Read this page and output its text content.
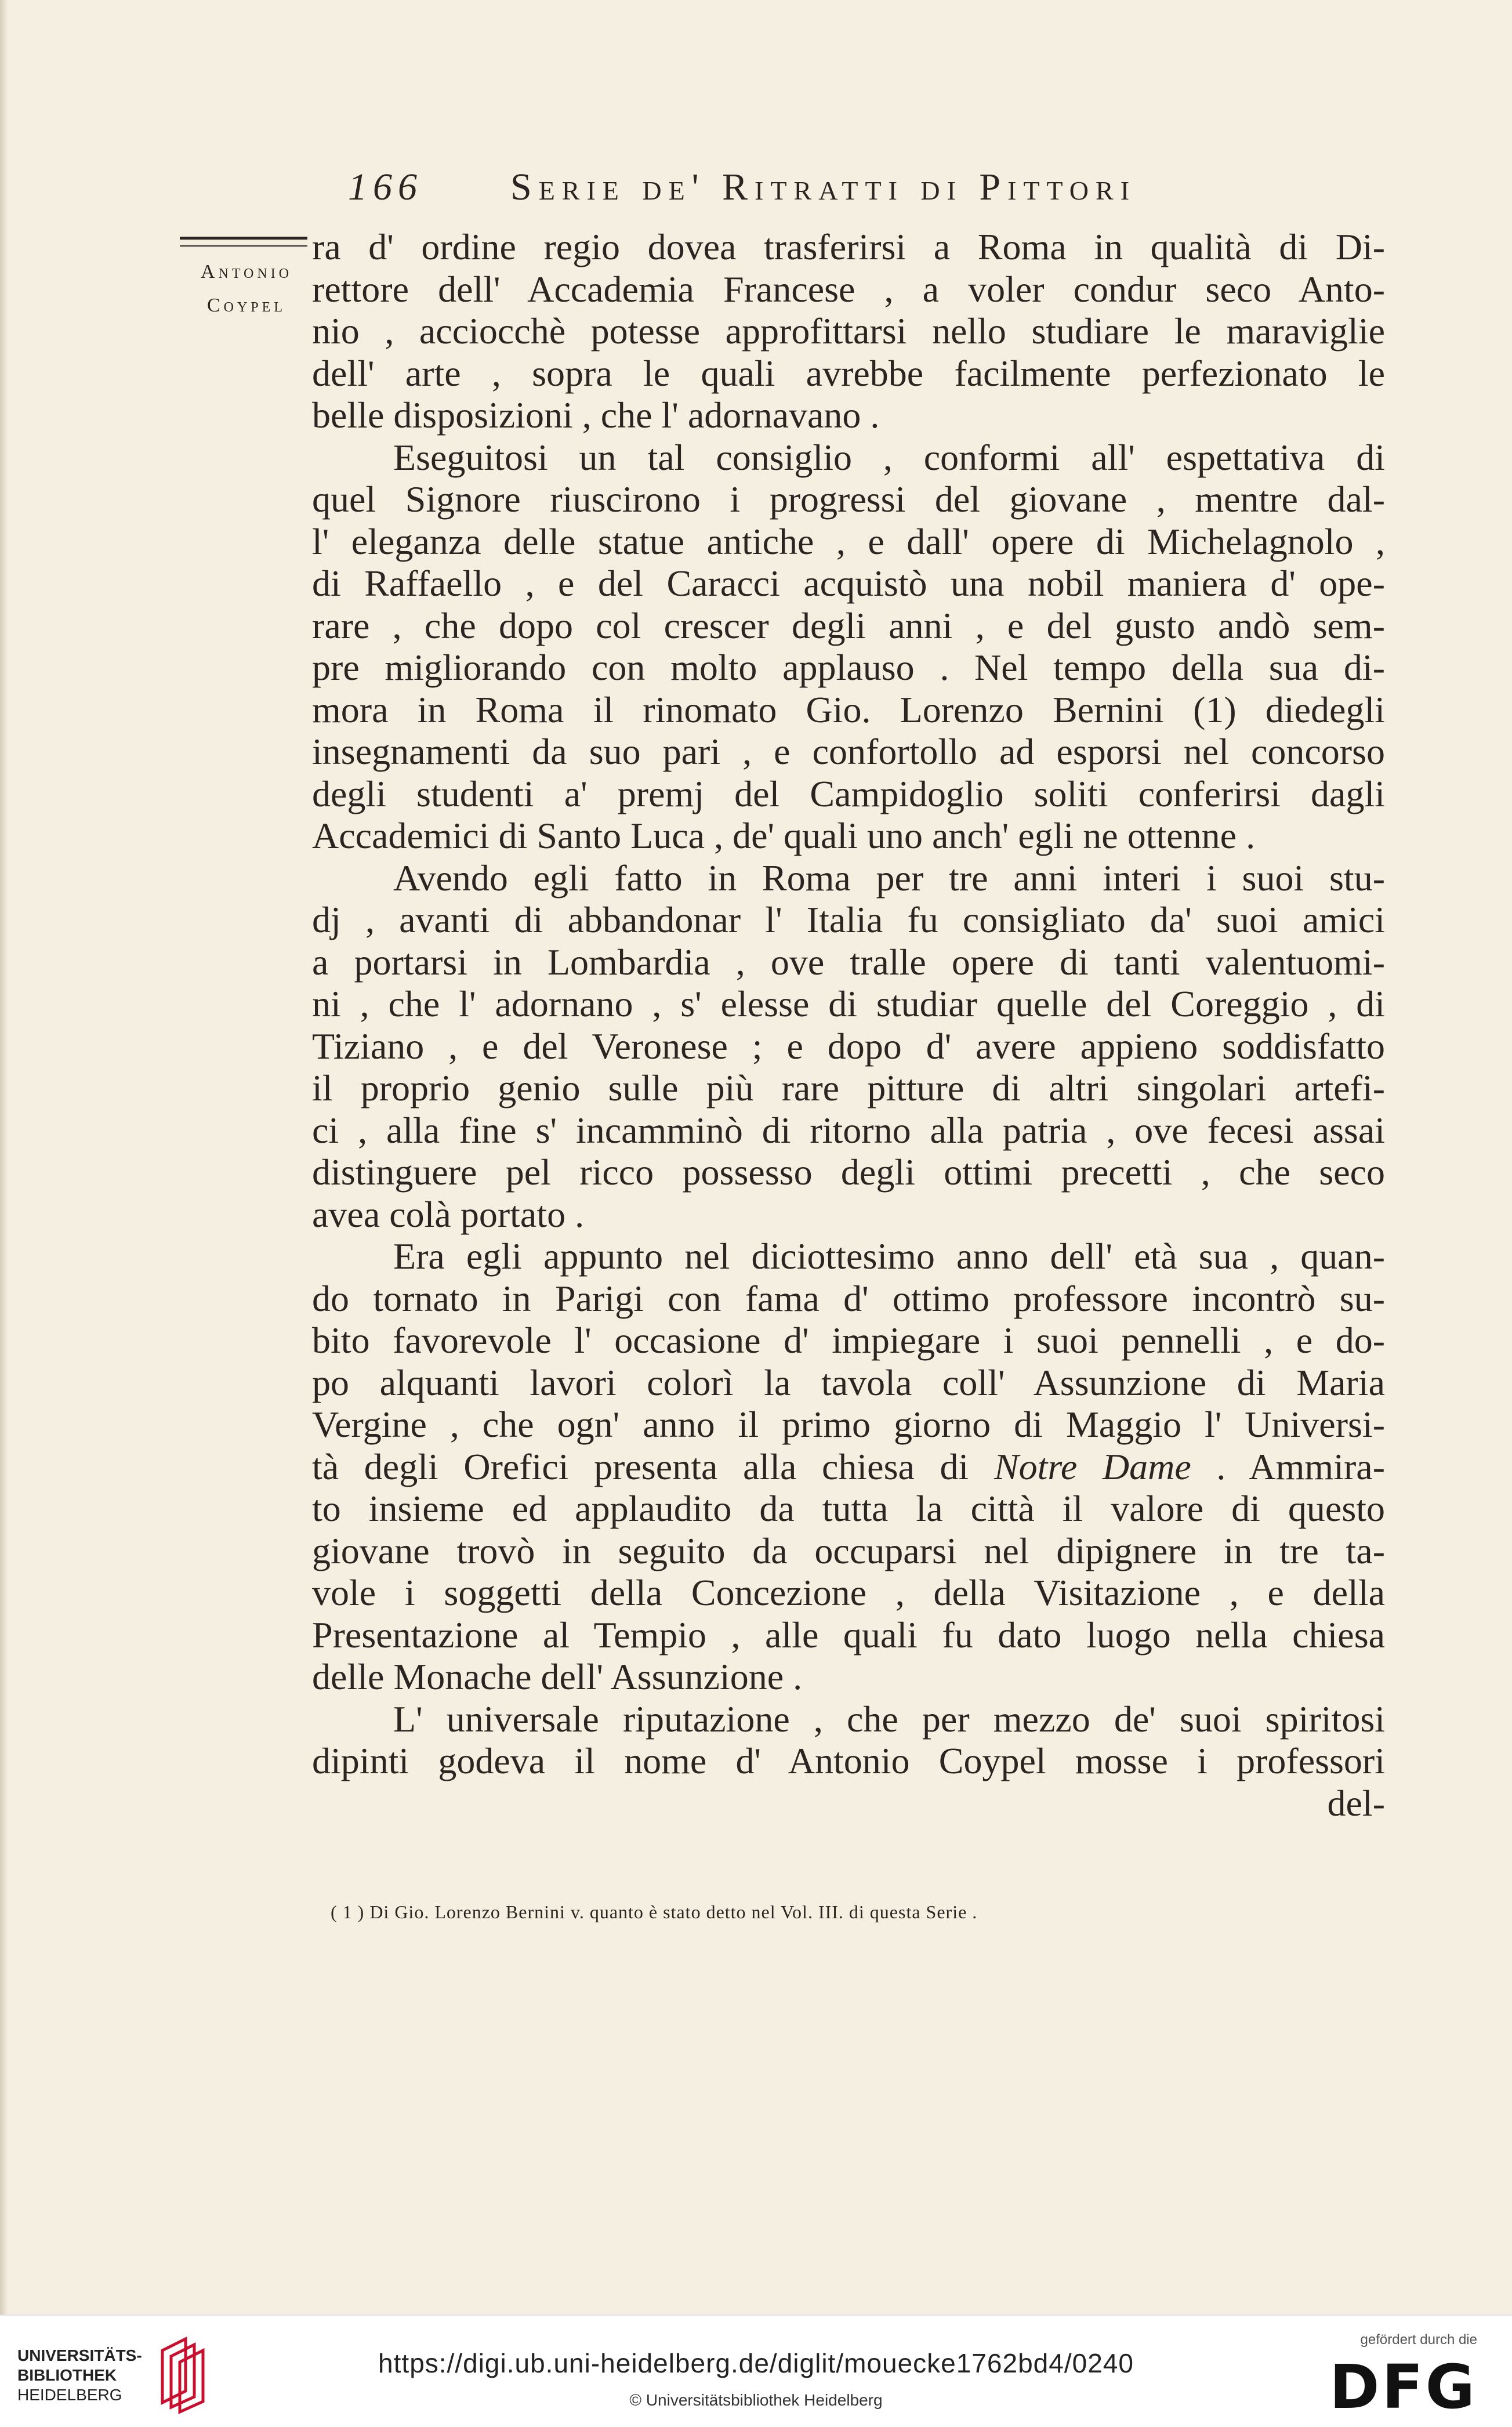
166 Serie de' Ritratti di Pittori
Antonio
Coypel
ra d' ordine regio dovea trasferirsi a Roma in qualità di Di-
rettore dell' Accademia Francese , a voler condur seco Anto-
nio , acciocchè potesse approfittarsi nello studiare le maraviglie
dell' arte , sopra le quali avrebbe facilmente perfezionato le
belle disposizioni , che l' adornavano .
Eseguitosi un tal consiglio , conformi all' espettativa di
quel Signore riuscirono i progressi del giovane , mentre dal-
l' eleganza delle statue antiche , e dall' opere di Michelagnolo ,
di Raffaello , e del Caracci acquistò una nobil maniera d' ope-
rare , che dopo col crescer degli anni , e del gusto andò sem-
pre migliorando con molto applauso . Nel tempo della sua di-
mora in Roma il rinomato Gio. Lorenzo Bernini (1) diedegli
insegnamenti da suo pari , e confortollo ad esporsi nel concorso
degli studenti a' premj del Campidoglio soliti conferirsi dagli
Accademici di Santo Luca , de' quali uno anch' egli ne ottenne .
Avendo egli fatto in Roma per tre anni interi i suoi stu-
dj , avanti di abbandonar l' Italia fu consigliato da' suoi amici
a portarsi in Lombardia , ove tralle opere di tanti valentuomi-
ni , che l' adornano , s' elesse di studiar quelle del Coreggio , di
Tiziano , e del Veronese ; e dopo d' avere appieno soddisfatto
il proprio genio sulle più rare pitture di altri singolari artefi-
ci , alla fine s' incamminò di ritorno alla patria , ove fecesi assai
distinguere pel ricco possesso degli ottimi precetti , che seco
avea colà portato .
Era egli appunto nel diciottesimo anno dell' età sua , quan-
do tornato in Parigi con fama d' ottimo professore incontrò su-
bito favorevole l' occasione d' impiegare i suoi pennelli , e do-
po alquanti lavori colorì la tavola coll' Assunzione di Maria
Vergine , che ogn' anno il primo giorno di Maggio l' Universi-
tà degli Orefici presenta alla chiesa di Notre Dame . Ammira-
to insieme ed applaudito da tutta la città il valore di questo
giovane trovò in seguito da occuparsi nel dipignere in tre ta-
vole i soggetti della Concezione , della Visitazione , e della
Presentazione al Tempio , alle quali fu dato luogo nella chiesa
delle Monache dell' Assunzione .
L' universale riputazione , che per mezzo de' suoi spiritosi
dipinti godeva il nome d' Antonio Coypel mosse i professori
del-
( 1 ) Di Gio. Lorenzo Bernini v. quanto è stato detto nel Vol. III. di questa Serie .
UNIVERSITÄTS-
BIBLIOTHEK
HEIDELBERG
https://digi.ub.uni-heidelberg.de/diglit/mouecke1762bd4/0240
© Universitätsbibliothek Heidelberg
gefördert durch die
DFG
